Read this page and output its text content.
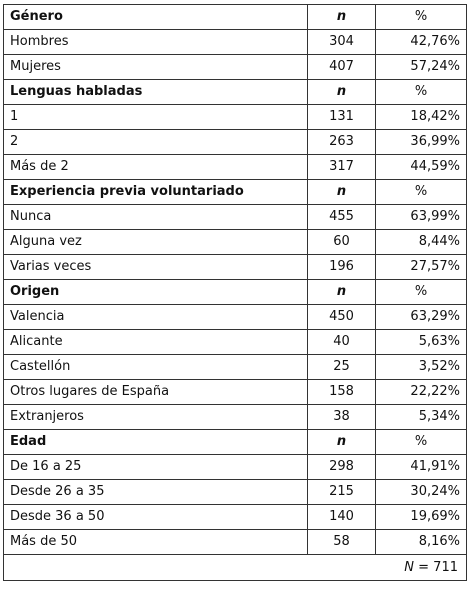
Género	n	%
Hombres	304	42,76%
Mujeres	407	57,24%
Lenguas habladas	n	%
1	131	18,42%
2	263	36,99%
Más de 2	317	44,59%
Experiencia previa voluntariado	n	%
Nunca	455	63,99%
Alguna vez	60	8,44%
Varias veces	196	27,57%
Origen	n	%
Valencia	450	63,29%
Alicante	40	5,63%
Castellón	25	3,52%
Otros lugares de España	158	22,22%
Extranjeros	38	5,34%
Edad	n	%
De 16 a 25	298	41,91%
Desde 26 a 35	215	30,24%
Desde 36 a 50	140	19,69%
Más de 50	58	8,16%
N = 711		
